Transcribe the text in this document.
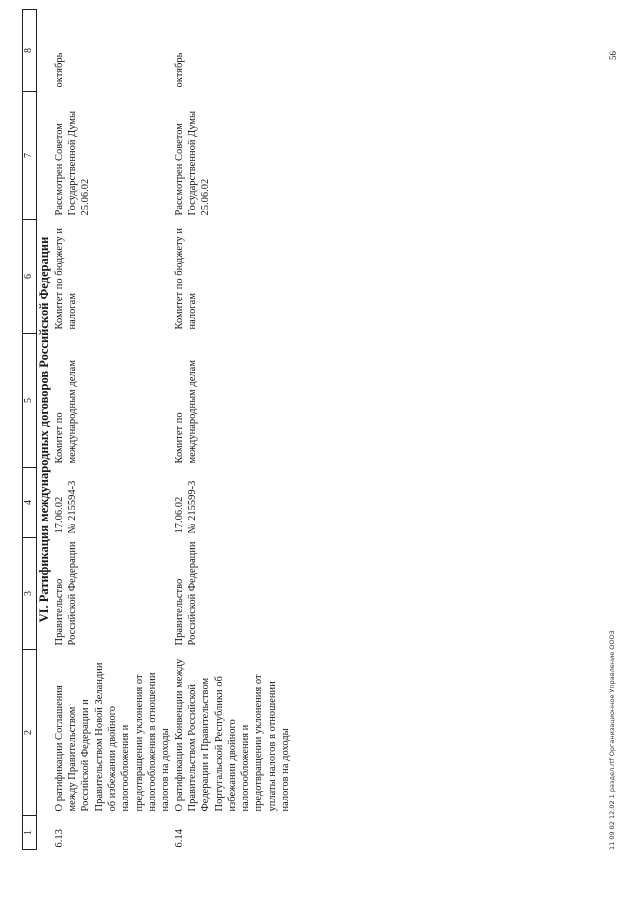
1	2	3	4	5	6	7	8
VI. Ратификация международных договоров Российской Федерации							
6.13	О ратификации Соглашения между Правительством Российской Федерации и Правительством Новой Зеландии об избежании двойного налогообложения и предотвращении уклонения от налогообложения в отношении налогов на доходы	Правительство Российской Федерации	17.06.02 № 215594-3	Комитет по международным делам	Комитет по бюджету и налогам	Рассмотрен Советом Государственной Думы 25.06.02	октябрь
6.14	О ратификации Конвенции между Правительством Российской Федерации и Правительством Португальской Республики об избежании двойного налогообложения и предотвращении уклонения от уплаты налогов в отношении налогов на доходы	Правительство Российской Федерации	17.06.02 № 215599-3	Комитет по международным делам	Комитет по бюджету и налогам	Рассмотрен Советом Государственной Думы 25.06.02	октябрь
11 09 02 12.02 1 раздел.rtf Организационное Управление ООО3
56
